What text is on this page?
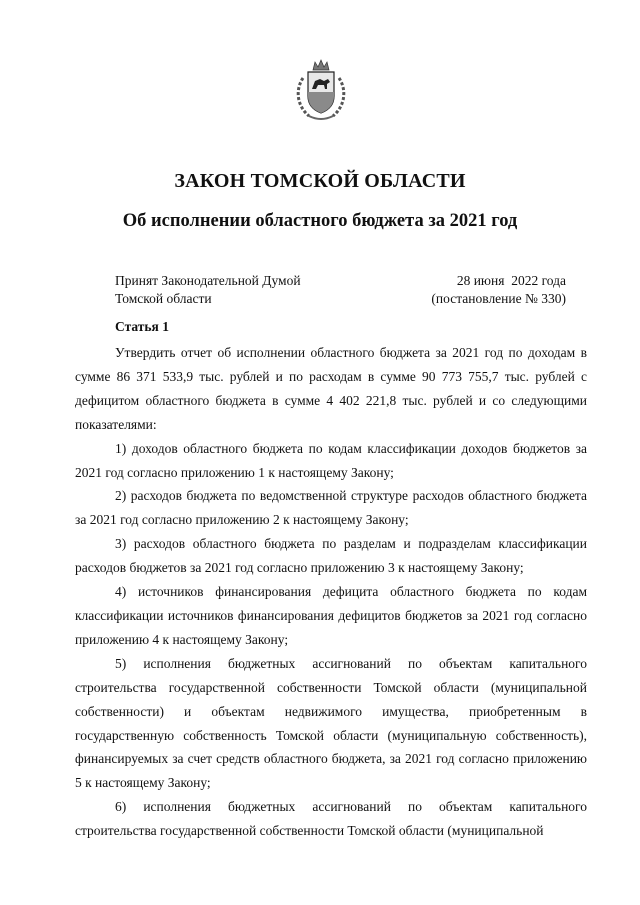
ЗАКОН ТОМСКОЙ ОБЛАСТИ
Об исполнении областного бюджета за 2021 год
Принят Законодательной Думой
Томской области
28 июня  2022 года
(постановление № 330)
Статья 1

Утвердить отчет об исполнении областного бюджета за 2021 год по доходам в сумме 86 371 533,9 тыс. рублей и по расходам в сумме 90 773 755,7 тыс. рублей с дефицитом областного бюджета в сумме 4 402 221,8 тыс. рублей и со следующими показателями:

1) доходов областного бюджета по кодам классификации доходов бюджетов за 2021 год согласно приложению 1 к настоящему Закону;

2) расходов бюджета по ведомственной структуре расходов областного бюджета за 2021 год согласно приложению 2 к настоящему Закону;

3) расходов областного бюджета по разделам и подразделам классификации расходов бюджетов за 2021 год согласно приложению 3 к настоящему Закону;

4) источников финансирования дефицита областного бюджета по кодам классификации источников финансирования дефицитов бюджетов за 2021 год согласно приложению 4 к настоящему Закону;

5) исполнения бюджетных ассигнований по объектам капитального строительства государственной собственности Томской области (муниципальной собственности) и объектам недвижимого имущества, приобретенным в государственную собственность Томской области (муниципальную собственность), финансируемых за счет средств областного бюджета, за 2021 год согласно приложению 5 к настоящему Закону;

6) исполнения бюджетных ассигнований по объектам капитального строительства государственной собственности Томской области (муниципальной
